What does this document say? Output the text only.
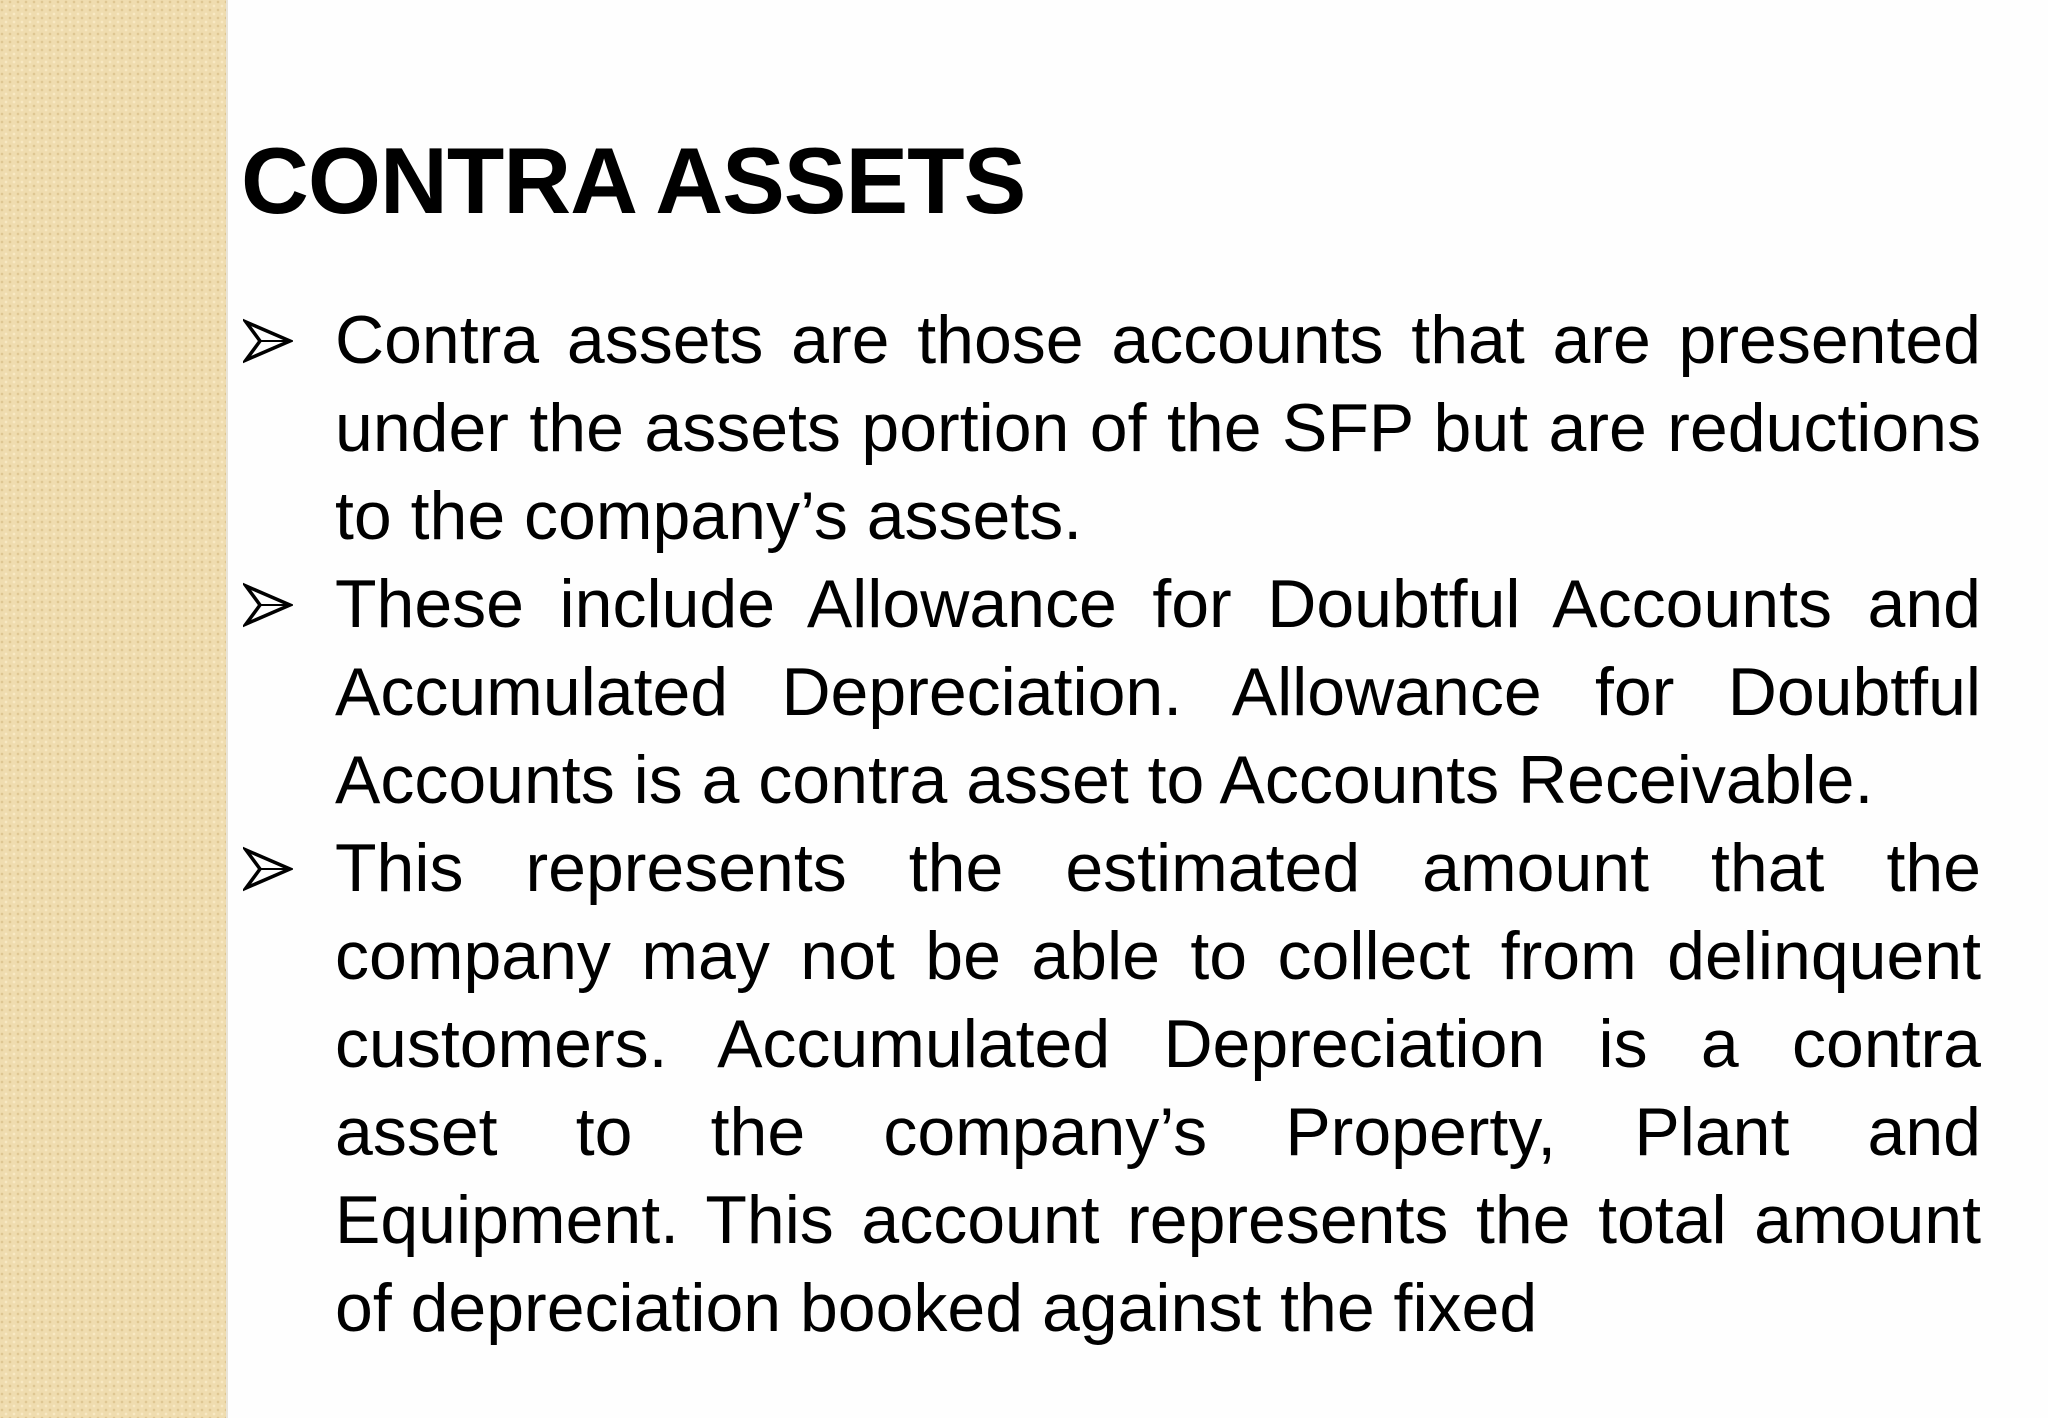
CONTRA ASSETS
Contra assets are those accounts that are presented under the assets portion of the SFP but are reductions to the company’s assets.
These include Allowance for Doubtful Accounts and Accumulated Depreciation. Allowance for Doubtful Accounts is a contra asset to Accounts Receivable.
This represents the estimated amount that the company may not be able to collect from delinquent customers. Accumulated Depreciation is a contra asset to the company’s Property, Plant and Equipment. This account represents the total amount of depreciation booked against the fixed
